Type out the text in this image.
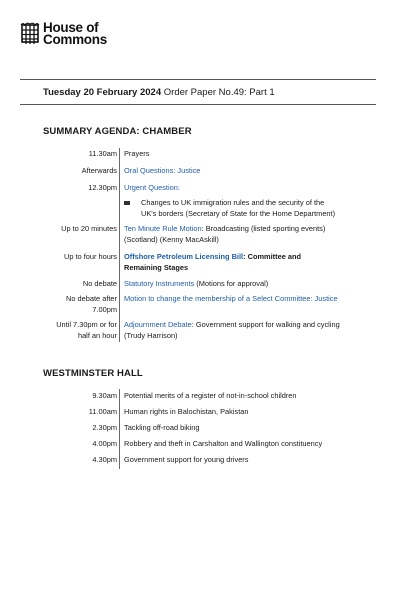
House of
Commons
Tuesday 20 February 2024 Order Paper No.49: Part 1
SUMMARY AGENDA: CHAMBER
11.30am Prayers
Afterwards Oral Questions: Justice
12.30pm Urgent Question:
Changes to UK immigration rules and the security of the UK's borders (Secretary of State for the Home Department)
Up to 20 minutes Ten Minute Rule Motion: Broadcasting (listed sporting events) (Scotland) (Kenny MacAskill)
Up to four hours Offshore Petroleum Licensing Bill: Committee and Remaining Stages
No debate Statutory Instruments (Motions for approval)
No debate after
7.00pm
Motion to change the membership of a Select Committee: Justice
Until 7.30pm or for
half an hour
Adjournment Debate: Government support for walking and cycling (Trudy Harrison)
WESTMINSTER HALL
9.30am Potential merits of a register of not-in-school children
11.00am Human rights in Balochistan, Pakistan
2.30pm Tackling off-road biking
4.00pm Robbery and theft in Carshalton and Wallington constituency
4.30pm Government support for young drivers
